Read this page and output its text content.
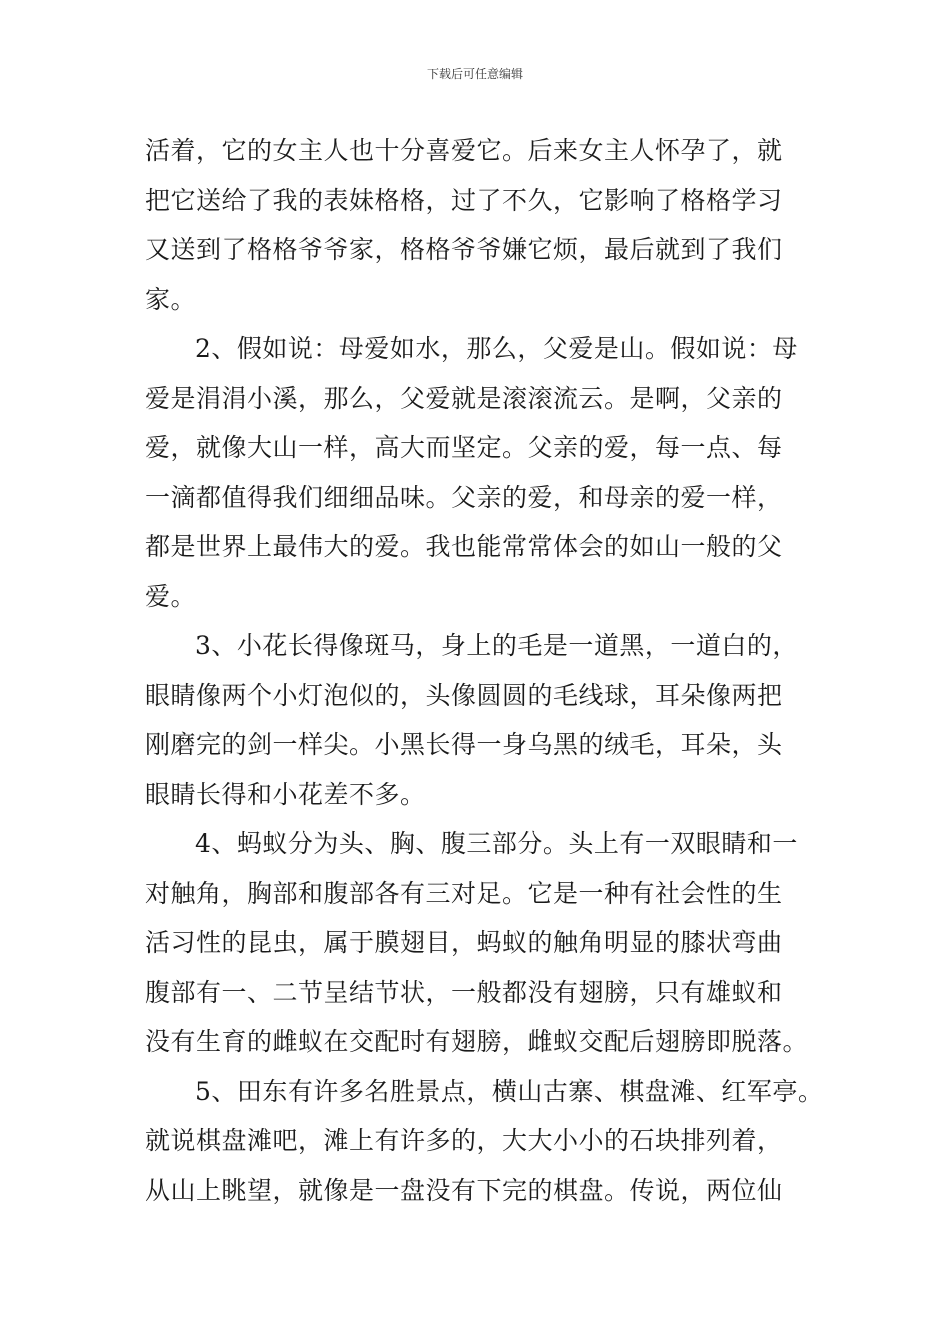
下载后可任意编辑
活着，它的女主人也十分喜爱它。后来女主人怀孕了，就
把它送给了我的表妹格格，过了不久，它影响了格格学习
又送到了格格爷爷家，格格爷爷嫌它烦，最后就到了我们
家。
2、假如说：母爱如水，那么，父爱是山。假如说：母
爱是涓涓小溪，那么，父爱就是滚滚流云。是啊，父亲的
爱，就像大山一样，高大而坚定。父亲的爱，每一点、每
一滴都值得我们细细品味。父亲的爱，和母亲的爱一样，
都是世界上最伟大的爱。我也能常常体会的如山一般的父
爱。
3、小花长得像斑马，身上的毛是一道黑，一道白的，
眼睛像两个小灯泡似的，头像圆圆的毛线球，耳朵像两把
刚磨完的剑一样尖。小黑长得一身乌黑的绒毛，耳朵，头
眼睛长得和小花差不多。
4、蚂蚁分为头、胸、腹三部分。头上有一双眼睛和一
对触角，胸部和腹部各有三对足。它是一种有社会性的生
活习性的昆虫，属于膜翅目，蚂蚁的触角明显的膝状弯曲
腹部有一、二节呈结节状，一般都没有翅膀，只有雄蚁和
没有生育的雌蚁在交配时有翅膀，雌蚁交配后翅膀即脱落。
5、田东有许多名胜景点，横山古寨、棋盘滩、红军亭。
就说棋盘滩吧，滩上有许多的，大大小小的石块排列着，
从山上眺望，就像是一盘没有下完的棋盘。传说，两位仙
